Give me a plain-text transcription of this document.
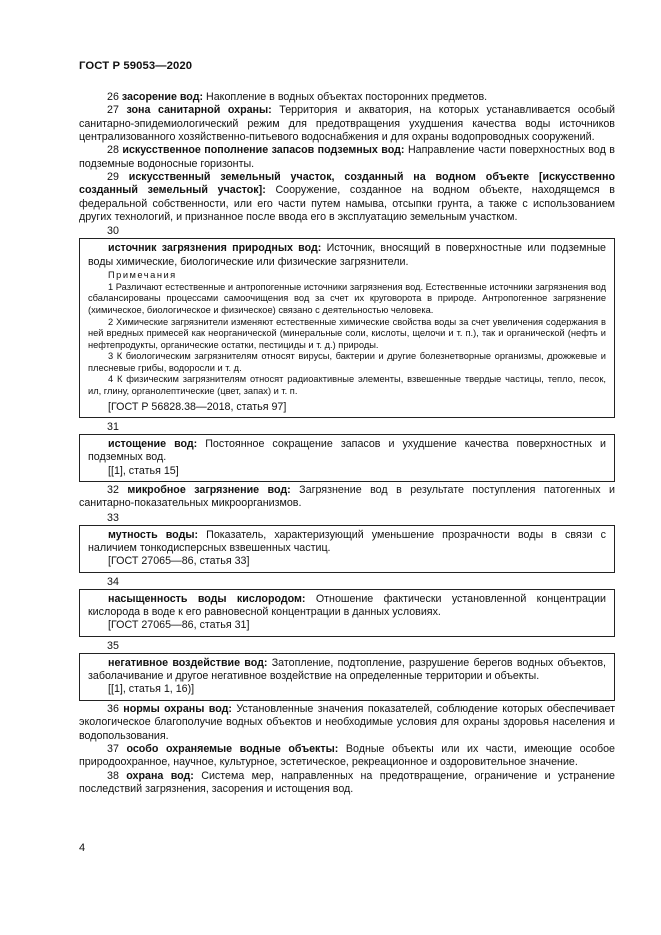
ГОСТ Р 59053—2020

26 засорение вод: Накопление в водных объектах посторонних предметов.

27 зона санитарной охраны: Территория и акватория, на которых устанавливается особый санитарно-эпидемиологический режим для предотвращения ухудшения качества воды источников централизованного хозяйственно-питьевого водоснабжения и для охраны водопроводных сооружений.

28 искусственное пополнение запасов подземных вод: Направление части поверхностных вод в подземные водоносные горизонты.

29 искусственный земельный участок, созданный на водном объекте [искусственно созданный земельный участок]: Сооружение, созданное на водном объекте, находящемся в федеральной собственности, или его части путем намыва, отсыпки грунта, а также с использованием других технологий, и признанное после ввода его в эксплуатацию земельным участком.

30

источник загрязнения природных вод: Источник, вносящий в поверхностные или подземные воды химические, биологические или физические загрязнители.

Примечания

1 Различают естественные и антропогенные источники загрязнения вод. Естественные источники загрязнения вод сбалансированы процессами самоочищения вод за счет их круговорота в природе. Антропогенное загрязнение (химическое, биологическое и физическое) связано с деятельностью человека.

2 Химические загрязнители изменяют естественные химические свойства воды за счет увеличения содержания в ней вредных примесей как неорганической (минеральные соли, кислоты, щелочи и т. п.), так и органической (нефть и нефтепродукты, органические остатки, пестициды и т. д.) природы.

3 К биологическим загрязнителям относят вирусы, бактерии и другие болезнетворные организмы, дрожжевые и плесневые грибы, водоросли и т. д.

4 К физическим загрязнителям относят радиоактивные элементы, взвешенные твердые частицы, тепло, песок, ил, глину, органолептические (цвет, запах) и т. п.

[ГОСТ Р 56828.38—2018, статья 97]

31

истощение вод: Постоянное сокращение запасов и ухудшение качества поверхностных и подземных вод.

[[1], статья 15]

32 микробное загрязнение вод: Загрязнение вод в результате поступления патогенных и санитарно-показательных микроорганизмов.

33

мутность воды: Показатель, характеризующий уменьшение прозрачности воды в связи с наличием тонкодисперсных взвешенных частиц.

[ГОСТ 27065—86, статья 33]

34

насыщенность воды кислородом: Отношение фактически установленной концентрации кислорода в воде к его равновесной концентрации в данных условиях.

[ГОСТ 27065—86, статья 31]

35

негативное воздействие вод: Затопление, подтопление, разрушение берегов водных объектов, заболачивание и другое негативное воздействие на определенные территории и объекты.

[[1], статья 1, 16)]

36 нормы охраны вод: Установленные значения показателей, соблюдение которых обеспечивает экологическое благополучие водных объектов и необходимые условия для охраны здоровья населения и водопользования.

37 особо охраняемые водные объекты: Водные объекты или их части, имеющие особое природоохранное, научное, культурное, эстетическое, рекреационное и оздоровительное значение.

38 охрана вод: Система мер, направленных на предотвращение, ограничение и устранение последствий загрязнения, засорения и истощения вод.

4
